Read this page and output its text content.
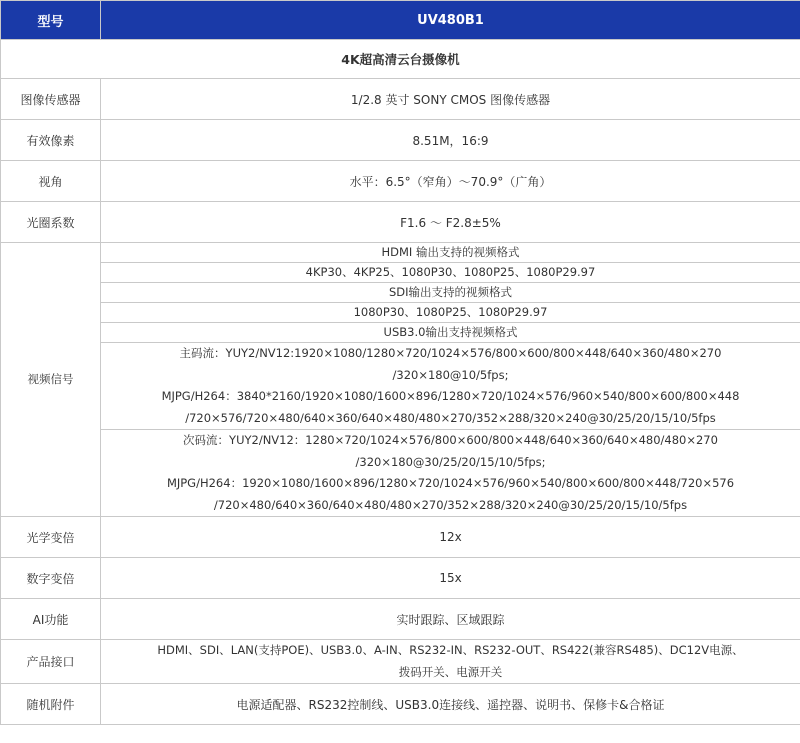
型号	UV480B1
4K超高清云台摄像机	
图像传感器	1/2.8 英寸 SONY CMOS 图像传感器
有效像素	8.51M，16:9
视角	水平：6.5°（窄角）～70.9°（广角）
光圈系数	F1.6 ～ F2.8±5%
视频信号	HDMI 输出支持的视频格式
	4KP30、4KP25、1080P30、1080P25、1080P29.97
	SDI输出支持的视频格式
	1080P30、1080P25、1080P29.97
	USB3.0输出支持视频格式

	主码流：YUY2/NV12:1920×1080/1280×720/1024×576/800×600/800×448/640×360/480×270
/320×180@10/5fps;
MJPG/H264：3840*2160/1920×1080/1600×896/1280×720/1024×576/960×540/800×600/800×448
/720×576/720×480/640×360/640×480/480×270/352×288/320×240@30/25/20/15/10/5fps

	次码流：YUY2/NV12：1280×720/1024×576/800×600/800×448/640×360/640×480/480×270
/320×180@30/25/20/15/10/5fps;
MJPG/H264：1920×1080/1600×896/1280×720/1024×576/960×540/800×600/800×448/720×576
/720×480/640×360/640×480/480×270/352×288/320×240@30/25/20/15/10/5fps

光学变倍	12x
数字变倍	15x
AI功能	实时跟踪、区域跟踪
产品接口	HDMI、SDI、LAN(支持POE)、USB3.0、A-IN、RS232-IN、RS232-OUT、RS422(兼容RS485)、DC12V电源、
拨码开关、电源开关

随机附件	电源适配器、RS232控制线、USB3.0连接线、遥控器、说明书、保修卡&合格证
